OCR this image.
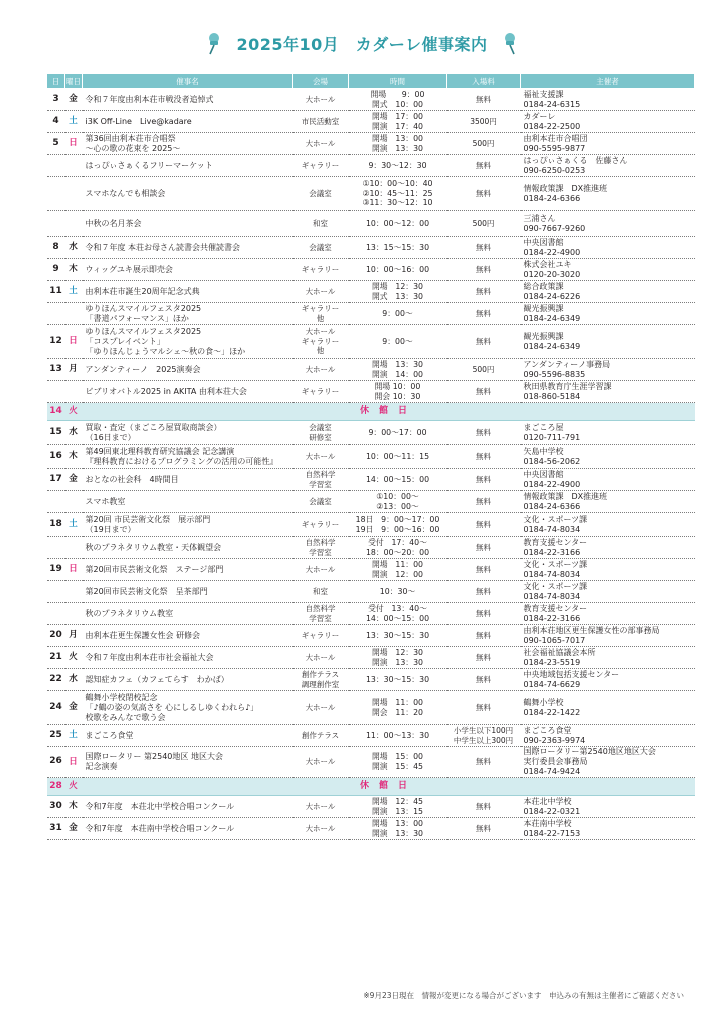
2025年10月　カダーレ催事案内
日	曜日	催事名	会場	時間	入場料	主催者
3	金	令和７年度由利本荘市戦没者追悼式	大ホール	開場　　9：00
開式　10：00	無料	福祉支援課
0184-24-6315
4	土	i3K Off-Line　Live@kadare	市民活動室	開場　17：00
開演　17：40	3500円	カダーレ
0184-22-2500
5	日	第36回由利本荘市合唱祭
～心の歌の花束を 2025～	大ホール	開場　13：00
開演　13：30	500円	由利本荘市合唱団
090-5595-9877
		はっぴぃさぁくるフリーマーケット	ギャラリー	9：30～12：30	無料	はっぴぃさぁくる　佐藤さん
090-6250-0253
		スマホなんでも相談会	会議室	①10：00～10：40
②10：45～11：25
③11：30～12：10	無料	情報政策課　DX推進班
0184-24-6366
		中秋の名月茶会	和室	10：00～12：00	500円	三浦さん
090-7667-9260
8	水	令和７年度 本荘お母さん読書会共催読書会	会議室	13：15～15：30	無料	中央図書館
0184-22-4900
9	木	ウィッグユキ展示即売会	ギャラリー	10：00～16：00	無料	株式会社ユキ
0120-20-3020
11	土	由利本荘市誕生20周年記念式典	大ホール	開場　12：30
開式　13：30	無料	総合政策課
0184-24-6226
		ゆりほんスマイルフェスタ2025
「書道パフォーマンス」ほか	ギャラリー
他	9：00～	無料	観光振興課
0184-24-6349
12	日	ゆりほんスマイルフェスタ2025
「コスプレイベント」
「ゆりほんじょうマルシェ～秋の食～」ほか	大ホール
ギャラリー
他	9：00～	無料	観光振興課
0184-24-6349
13	月	アンダンティーノ　2025演奏会	大ホール	開場　13：30
開演　14：00	500円	アンダンティーノ事務局
090-5596-8835
		ビブリオバトル2025 in AKITA 由利本荘大会	ギャラリー	開場 10：00
開会 10：30	無料	秋田県教育庁生涯学習課
018-860-5184
14	火	休館日				
15	水	買取・査定（まごころ屋買取商談会）
（16日まで）	会議室
研修室	9：00～17：00	無料	まごころ屋
0120-711-791
16	木	第49回東北理科教育研究協議会 記念講演
『理科教育におけるプログラミングの活用の可能性』	大ホール	10：00～11：15	無料	矢島中学校
0184-56-2062
17	金	おとなの社会科　4時間目	自然科学
学習室	14：00～15：00	無料	中央図書館
0184-22-4900
		スマホ教室	会議室	①10：00～
②13：00～	無料	情報政策課　DX推進班
0184-24-6366
18	土	第20回 市民芸術文化祭　展示部門
（19日まで）	ギャラリー	18日　9：00～17：00
19日　9：00～16：00	無料	文化・スポーツ課
0184-74-8034
		秋のプラネタリウム教室・天体観望会	自然科学
学習室	受付　17：40～
18：00～20：00	無料	教育支援センター
0184-22-3166
19	日	第20回市民芸術文化祭　ステージ部門	大ホール	開場　11：00
開演　12：00	無料	文化・スポーツ課
0184-74-8034
		第20回市民芸術文化祭　呈茶部門	和室	10：30～	無料	文化・スポーツ課
0184-74-8034
		秋のプラネタリウム教室	自然科学
学習室	受付　13：40～
14：00～15：00	無料	教育支援センター
0184-22-3166
20	月	由利本荘更生保護女性会 研修会	ギャラリー	13：30～15：30	無料	由利本荘地区更生保護女性の部事務局
090-1065-7017
21	火	令和７年度由利本荘市社会福祉大会	大ホール	開場　12：30
開演　13：30	無料	社会福祉協議会本所
0184-23-5519
22	水	認知症カフェ（カフェてらす　わかば）	創作テラス
調理創作室	13：30～15：30	無料	中央地域包括支援センター
0184-74-6629
24	金	鶴舞小学校閉校記念
「♪鶴の姿の気高さを 心にしるしゆくわれら♪」
校歌をみんなで歌う会	大ホール	開場　11：00
開会　11：20	無料	鶴舞小学校
0184-22-1422
25	土	まごころ食堂	創作テラス	11：00～13：30	小学生以下100円
中学生以上300円	まごころ食堂
090-2363-9974
26	日	国際ロータリー 第2540地区 地区大会
記念演奏	大ホール	開場　15：00
開演　15：45	無料	国際ロータリー第2540地区地区大会
実行委員会事務局
0184-74-9424
28	火	休館日				
30	木	令和7年度　本荘北中学校合唱コンクール	大ホール	開場　12：45
開演　13：15	無料	本荘北中学校
0184-22-0321
31	金	令和7年度　本荘南中学校合唱コンクール	大ホール	開場　13：00
開演　13：30	無料	本荘南中学校
0184-22-7153
※9月23日現在　情報が変更になる場合がございます　申込みの有無は主催者にご確認ください
